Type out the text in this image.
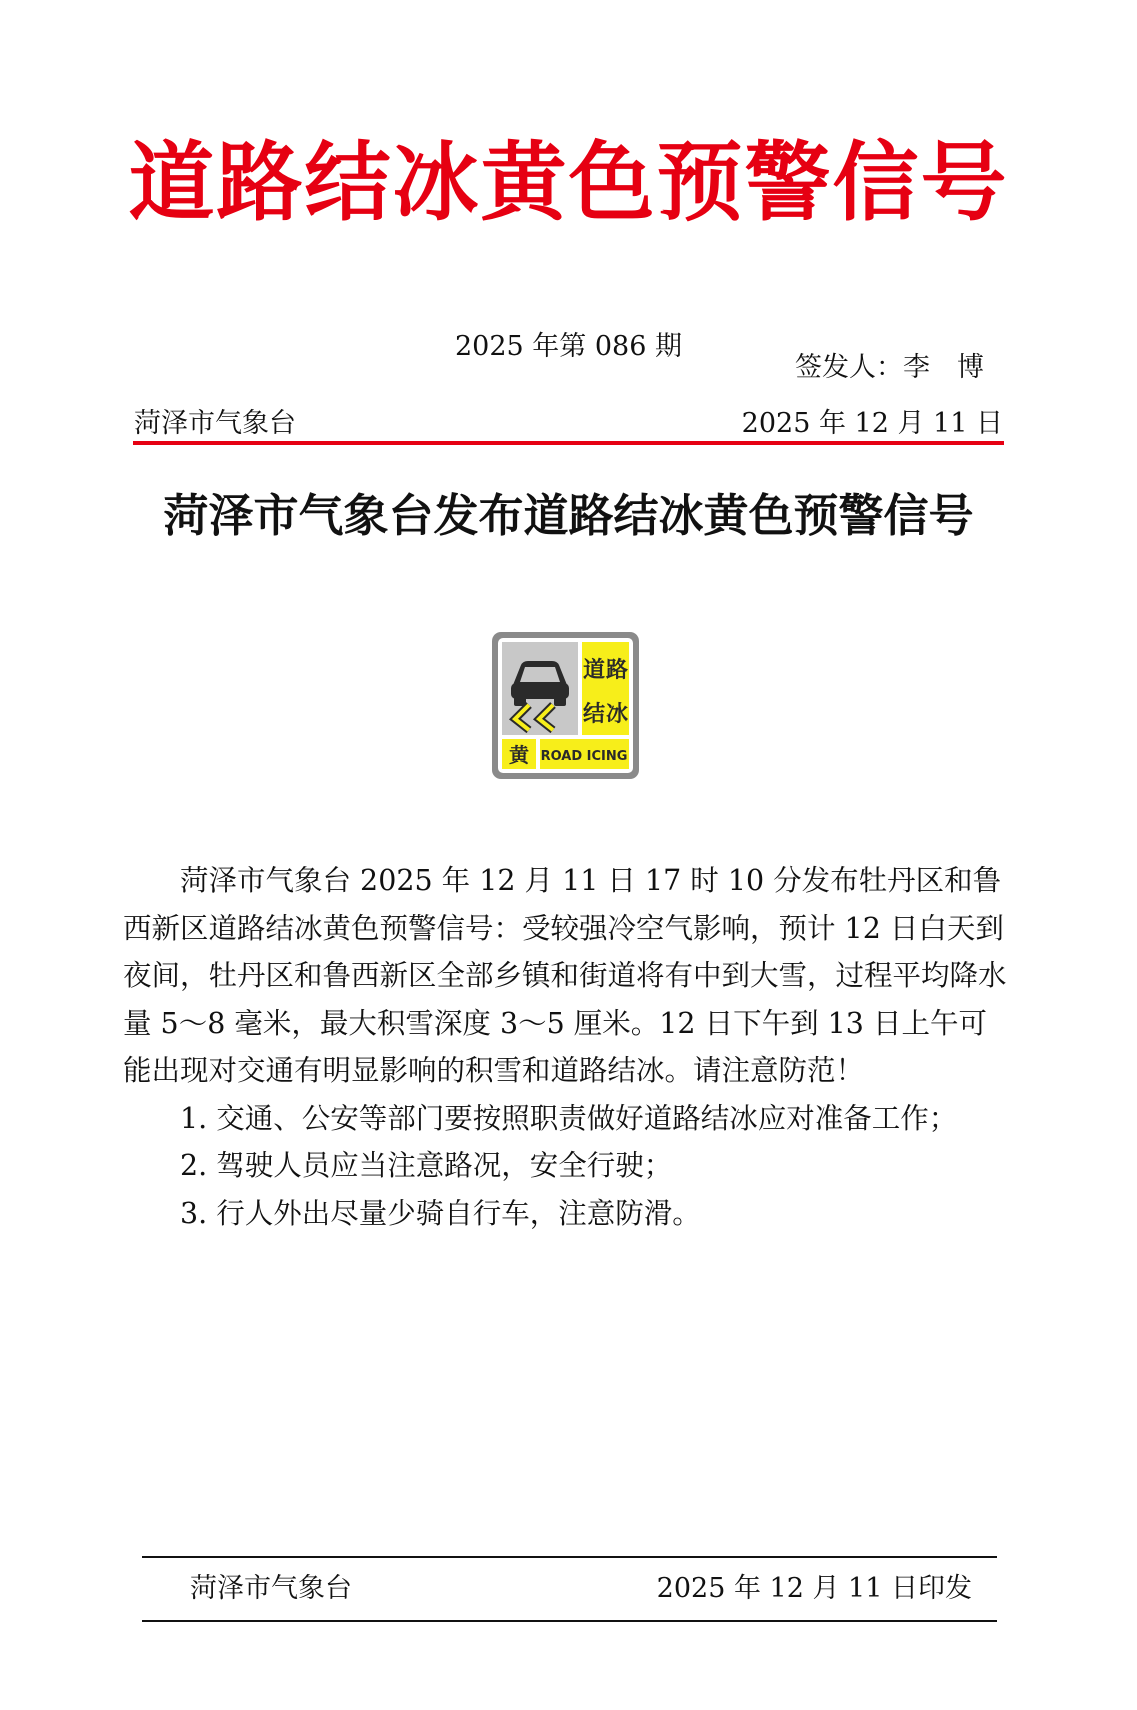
道路结冰黄色预警信号
2025 年第 086 期
签发人：李　博
菏泽市气象台	2025 年 12 月 11 日
菏泽市气象台发布道路结冰黄色预警信号
道 路
结 冰
黄 ROAD ICING

菏泽市气象台 2025 年 12 月 11 日 17 时 10 分发布牡丹区和鲁西新区道路结冰黄色预警信号：受较强冷空气影响，预计 12 日白天到夜间，牡丹区和鲁西新区全部乡镇和街道将有中到大雪，过程平均降水量 5～8 毫米，最大积雪深度 3～5 厘米。12 日下午到 13 日上午可能出现对交通有明显影响的积雪和道路结冰。请注意防范！

1. 交通、公安等部门要按照职责做好道路结冰应对准备工作；

2. 驾驶人员应当注意路况，安全行驶；

3. 行人外出尽量少骑自行车，注意防滑。

菏泽市气象台	2025 年 12 月 11 日印发
